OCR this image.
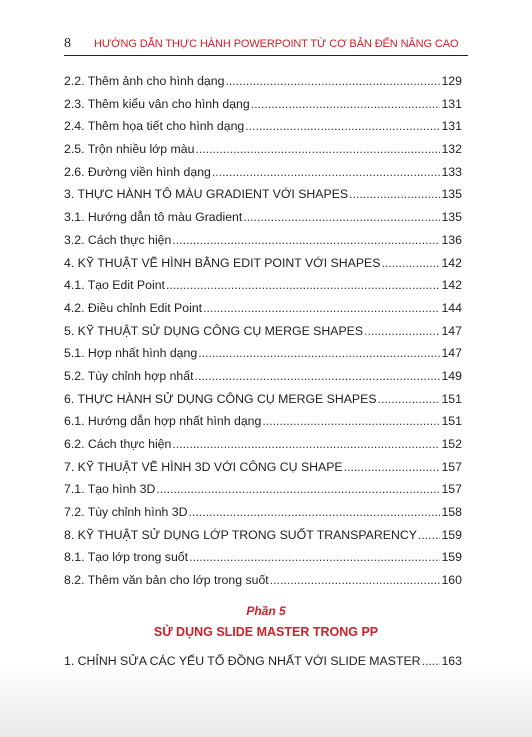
8 HƯỚNG DẪN THỰC HÀNH POWERPOINT TỪ CƠ BẢN ĐẾN NÂNG CAO
2.2. Thêm ảnh cho hình dạng .....	129
2.3. Thêm kiểu vân cho hình dạng .....	131
2.4. Thêm họa tiết cho hình dạng .....	131
2.5. Trộn nhiều lớp màu .....	132
2.6. Đường viền hình dạng .....	133
3. THỰC HÀNH TÔ MÀU GRADIENT VỚI SHAPES .....	135
3.1. Hướng dẫn tô màu Gradient .....	135
3.2. Cách thực hiện .....	136
4. KỸ THUẬT VẼ HÌNH BẰNG EDIT POINT VỚI SHAPES .....	142
4.1. Tạo Edit Point .....	142
4.2. Điều chỉnh Edit Point .....	144
5. KỸ THUẬT SỬ DỤNG CÔNG CỤ MERGE SHAPES .....	147
5.1. Hợp nhất hình dạng .....	147
5.2. Tùy chỉnh hợp nhất .....	149
6. THỰC HÀNH SỬ DỤNG CÔNG CỤ MERGE SHAPES .....	151
6.1. Hướng dẫn hợp nhất hình dạng .....	151
6.2. Cách thực hiện .....	152
7. KỸ THUẬT VẼ HÌNH 3D VỚI CÔNG CỤ SHAPE .....	157
7.1. Tạo hình 3D .....	157
7.2. Tùy chỉnh hình 3D .....	158
8. KỸ THUẬT SỬ DỤNG LỚP TRONG SUỐT TRANSPARENCY ..... 159
8.1. Tạo lớp trong suốt .....	159
8.2. Thêm văn bản cho lớp trong suốt .....	160
Phần 5
SỬ DỤNG SLIDE MASTER TRONG PP
1. CHỈNH SỬA CÁC YẾU TỐ ĐỒNG NHẤT VỚI SLIDE MASTER ..... 163
